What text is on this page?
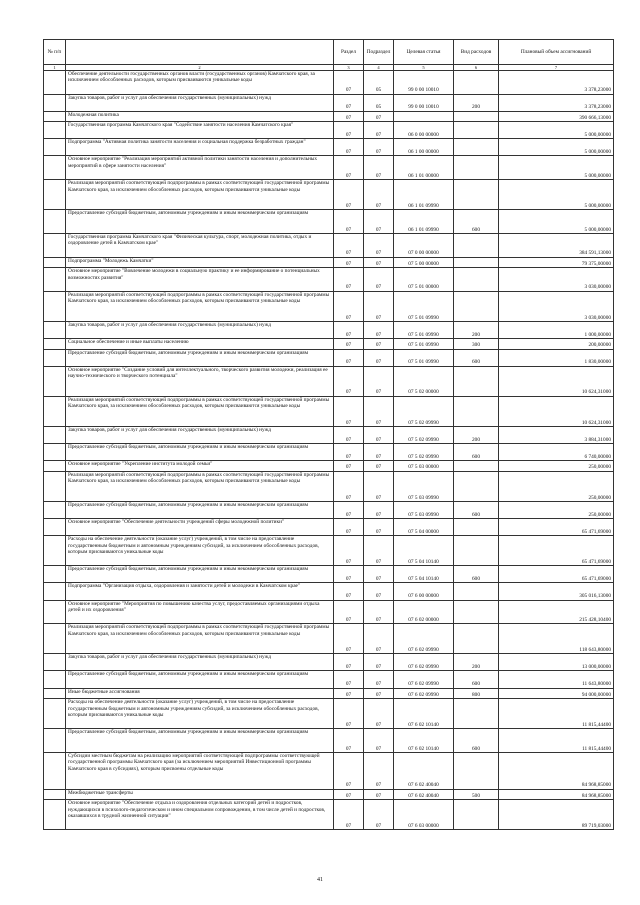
№ п/п		Раздел	Подраздел	Целевая статья	Вид расходов	Плановый объем ассигнований
1	2	3	4	5	6	7
	Обеспечение деятельности государственных органов власти (государственных органов) Камчатского края, за исключением обособленных расходов, которым присваиваются уникальные коды	07	05	99 0 00 10010		3 378,23000
	Закупка товаров, работ и услуг для обеспечения государственных (муниципальных) нужд	07	05	99 0 00 10010	200	3 378,23000
	Молодежная политика	07	07			390 666,13000
	Государственная программа Камчатского края "Содействие занятости населения Камчатского края"	07	07	06 0 00 00000		5 000,00000
	Подпрограмма "Активная политика занятости населения и социальная поддержка безработных граждан"	07	07	06 1 00 00000		5 000,00000
	Основное мероприятие "Реализация мероприятий активной политики занятости населения и дополнительных мероприятий в сфере занятости населения"	07	07	06 1 01 00000		5 000,00000
	Реализация мероприятий соответствующей подпрограммы в рамках соответствующей государственной программы Камчатского края, за исключением обособленных расходов, которым присваиваются уникальные коды	07	07	06 1 01 09990		5 000,00000
	Предоставление субсидий бюджетным, автономным учреждениям и иным некоммерческим организациям	07	07	06 1 01 09990	600	5 000,00000
	Государственная программа Камчатского края "Физическая культура, спорт, молодежная политика, отдых и оздоровление детей в Камчатском крае"	07	07	07 0 00 00000		384 591,13000
	Подпрограмма "Молодежь Камчатки"	07	07	07 5 00 00000		79 375,00000
	Основное мероприятие "Вовлечение молодежи в социальную практику и ее информирование о потенциальных возможностях развития"	07	07	07 5 01 00000		3 030,00000
	Реализация мероприятий соответствующей подпрограммы в рамках соответствующей государственной программы Камчатского края, за исключением обособленных расходов, которым присваиваются уникальные коды	07	07	07 5 01 09990		3 030,00000
	Закупка товаров, работ и услуг для обеспечения государственных (муниципальных) нужд	07	07	07 5 01 09990	200	1 000,00000
	Социальное обеспечение и иные выплаты населению	07	07	07 5 01 09990	300	200,00000
	Предоставление субсидий бюджетным, автономным учреждениям и иным некоммерческим организациям	07	07	07 5 01 09990	600	1 830,00000
	Основное мероприятие "Создание условий для интеллектуального, творческого развития молодежи, реализация ее научно-технического и творческого потенциала"	07	07	07 5 02 00000		10 624,31000
	Реализация мероприятий соответствующей подпрограммы в рамках соответствующей государственной программы Камчатского края, за исключением обособленных расходов, которым присваиваются уникальные коды	07	07	07 5 02 09990		10 624,31000
	Закупка товаров, работ и услуг для обеспечения государственных (муниципальных) нужд	07	07	07 5 02 09990	200	3 884,31000
	Предоставление субсидий бюджетным, автономным учреждениям и иным некоммерческим организациям	07	07	07 5 02 09990	600	6 740,00000
	Основное мероприятие "Укрепление института молодой семьи"	07	07	07 5 03 00000		250,00000
	Реализация мероприятий соответствующей подпрограммы в рамках соответствующей государственной программы Камчатского края, за исключением обособленных расходов, которым присваиваются уникальные коды	07	07	07 5 03 09990		250,00000
	Предоставление субсидий бюджетным, автономным учреждениям и иным некоммерческим организациям	07	07	07 5 03 09990	600	250,00000
	Основное мероприятие "Обеспечение деятельности учреждений сферы молодежной политики"	07	07	07 5 04 00000		65 471,69000
	Расходы на обеспечение деятельности (оказание услуг) учреждений, в том числе на предоставление государственным бюджетным и автономным учреждениям субсидий, за исключением обособленных расходов, которым присваиваются уникальные коды	07	07	07 5 04 10140		65 471,69000
	Предоставление субсидий бюджетным, автономным учреждениям и иным некоммерческим организациям	07	07	07 5 04 10140	600	65 471,69000
	Подпрограмма "Организация отдыха, оздоровления и занятости детей и молодежи в Камчатском крае"	07	07	07 6 00 00000		305 016,13000
	Основное мероприятие "Мероприятия по повышению качества услуг, предоставляемых организациями отдыха детей и их оздоровления"	07	07	07 6 02 00000		215 428,10400
	Реализация мероприятий соответствующей подпрограммы в рамках соответствующей государственной программы Камчатского края, за исключением обособленных расходов, которым присваиваются уникальные коды	07	07	07 6 02 09990		118 643,80000
	Закупка товаров, работ и услуг для обеспечения государственных (муниципальных) нужд	07	07	07 6 02 09990	200	13 000,00000
	Предоставление субсидий бюджетным, автономным учреждениям и иным некоммерческим организациям	07	07	07 6 02 09990	600	11 643,80000
	Иные бюджетные ассигнования	07	07	07 6 02 09990	800	94 000,00000
	Расходы на обеспечение деятельности (оказание услуг) учреждений, в том числе на предоставление государственным бюджетным и автономным учреждениям субсидий, за исключением обособленных расходов, которым присваиваются уникальные коды	07	07	07 6 02 10140		11 815,44400
	Предоставление субсидий бюджетным, автономным учреждениям и иным некоммерческим организациям	07	07	07 6 02 10140	600	11 815,44400
	Субсидии местным бюджетам на реализацию мероприятий соответствующей подпрограммы соответствующей государственной программы Камчатского края (за исключением мероприятий Инвестиционной программы Камчатского края в субсидиях), которым присвоены отдельные коды	07	07	07 6 02 40040		84 968,85000
	Межбюджетные трансферты	07	07	07 6 02 40040	500	84 968,85000
	Основное мероприятие "Обеспечение отдыха и оздоровления отдельных категорий детей и подростков, нуждающихся в психолого-педагогическом и ином специальном сопровождении, в том числе детей и подростков, оказавшихся в трудной жизненной ситуации"	07	07	07 6 03 00000		89 719,03000
41
